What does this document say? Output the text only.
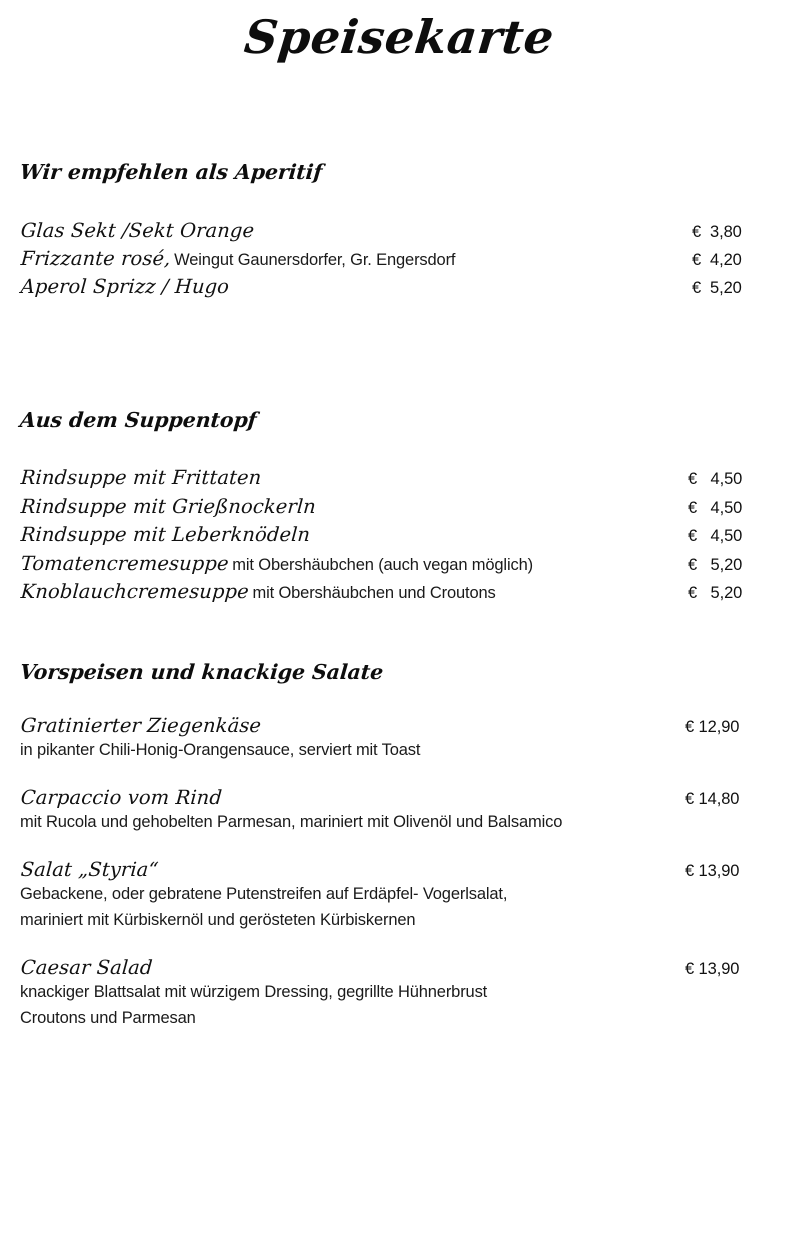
Speisekarte
Wir empfehlen als Aperitif
Glas Sekt /Sekt Orange	€  3,80
Frizzante rosé, Weingut Gaunersdorfer, Gr. Engersdorf	€  4,20
Aperol Sprizz / Hugo	€  5,20
Aus dem Suppentopf
Rindsuppe mit Frittaten	€   4,50
Rindsuppe mit Grießnockerln	€   4,50
Rindsuppe mit Leberknödeln	€   4,50
Tomatencremesuppe mit Obershäubchen (auch vegan möglich)	€   5,20
Knoblauchcremesuppe mit Obershäubchen und Croutons	€   5,20
Vorspeisen und knackige Salate
Gratinierter Ziegenkäse	€ 12,90
in pikanter Chili-Honig-Orangensauce, serviert mit Toast
Carpaccio vom Rind	€ 14,80
mit Rucola und gehobelten Parmesan, mariniert mit Olivenöl und Balsamico
Salat „Styria“	€ 13,90
Gebackene, oder gebratene Putenstreifen auf Erdäpfel- Vogerlsalat,
mariniert mit Kürbiskernöl und gerösteten Kürbiskernen
Caesar Salad	€ 13,90
knackiger Blattsalat mit würzigem Dressing, gegrillte Hühnerbrust
Croutons und Parmesan
